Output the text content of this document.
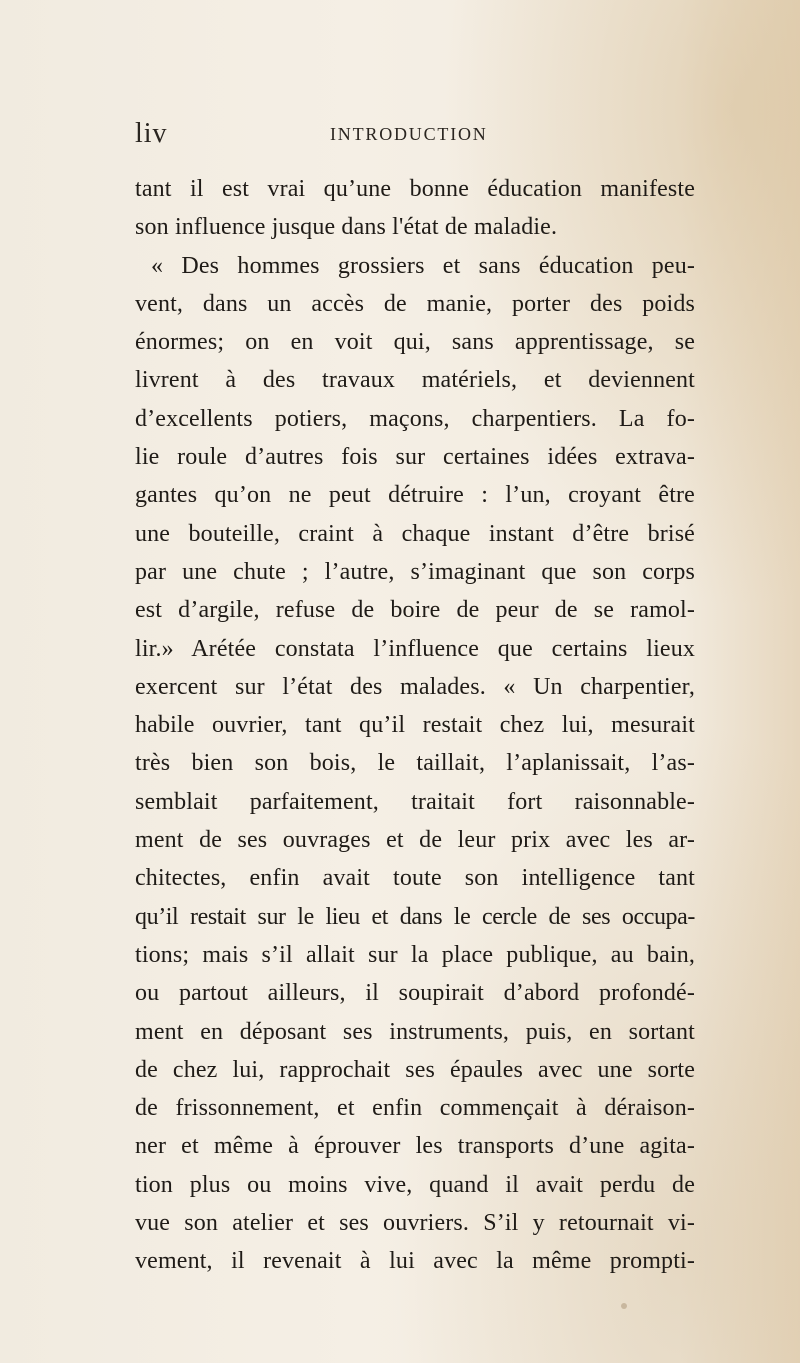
liv	INTRODUCTION
tant il est vrai qu’une bonne éducation manifeste
son influence jusque dans l'état de maladie.
« Des hommes grossiers et sans éducation peu-
vent, dans un accès de manie, porter des poids
énormes; on en voit qui, sans apprentissage, se
livrent à des travaux matériels, et deviennent
d’excellents potiers, maçons, charpentiers. La fo-
lie roule d’autres fois sur certaines idées extrava-
gantes qu’on ne peut détruire : l’un, croyant être
une bouteille, craint à chaque instant d’être brisé
par une chute ; l’autre, s’imaginant que son corps
est d’argile, refuse de boire de peur de se ramol-
lir.» Arétée constata l’influence que certains lieux
exercent sur l’état des malades. « Un charpentier,
habile ouvrier, tant qu’il restait chez lui, mesurait
très bien son bois, le taillait, l’aplanissait, l’as-
semblait parfaitement, traitait fort raisonnable-
ment de ses ouvrages et de leur prix avec les ar-
chitectes, enfin avait toute son intelligence tant
qu’il restait sur le lieu et dans le cercle de ses occupa-
tions; mais s’il allait sur la place publique, au bain,
ou partout ailleurs, il soupirait d’abord profondé-
ment en déposant ses instruments, puis, en sortant
de chez lui, rapprochait ses épaules avec une sorte
de frissonnement, et enfin commençait à déraison-
ner et même à éprouver les transports d’une agita-
tion plus ou moins vive, quand il avait perdu de
vue son atelier et ses ouvriers. S’il y retournait vi-
vement, il revenait à lui avec la même prompti-
